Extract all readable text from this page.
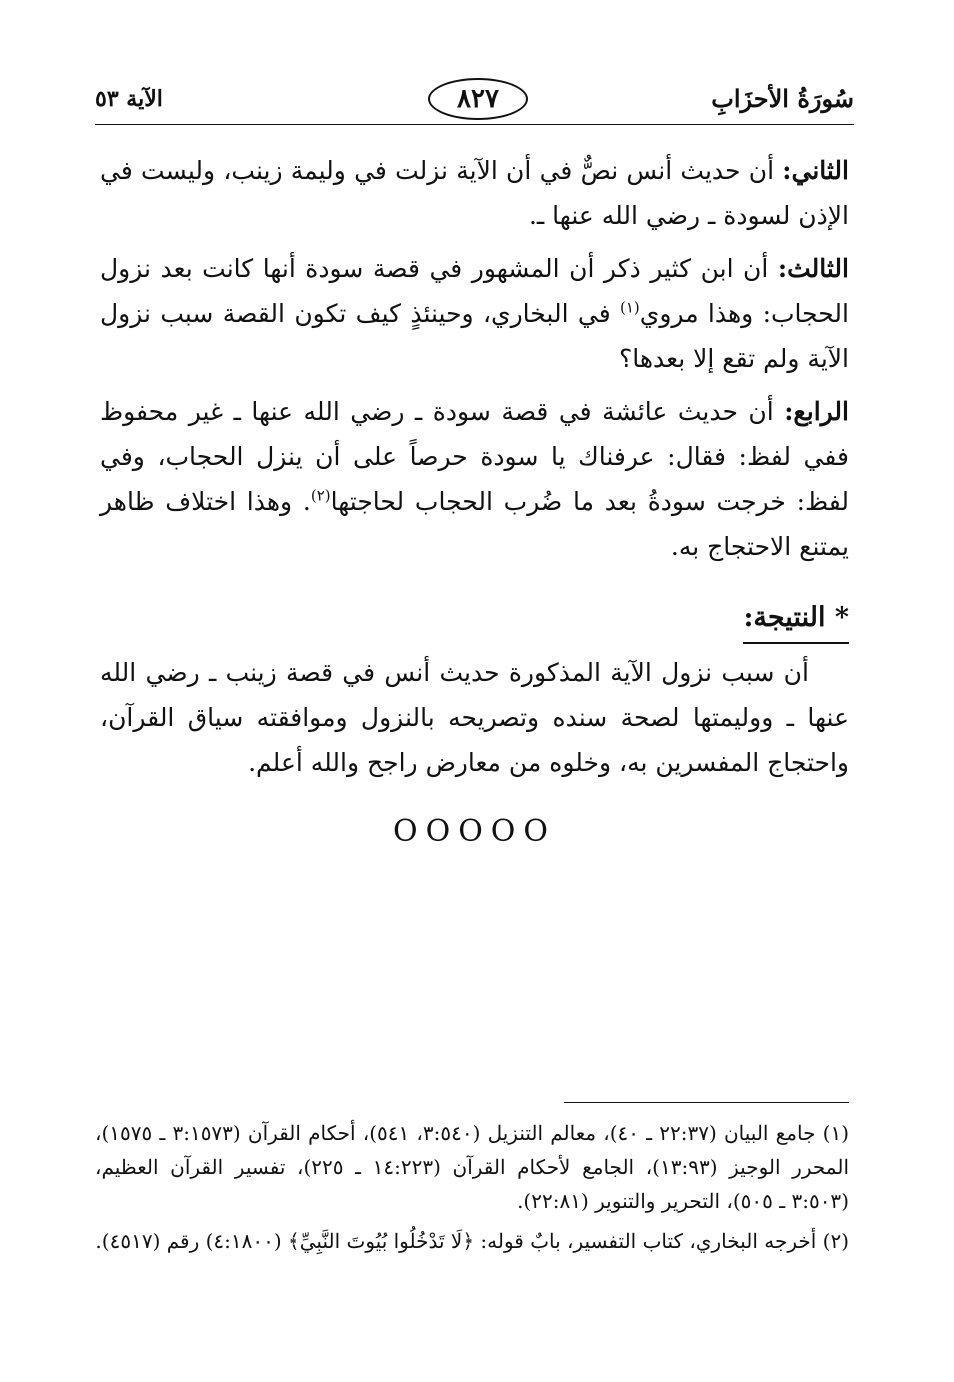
سُورَةُ الأحزَابِ
٨٢٧
الآية ٥٣

الثاني: أن حديث أنس نصٌّ في أن الآية نزلت في وليمة زينب، وليست في الإذن لسودة ـ رضي الله عنها ـ.

الثالث: أن ابن كثير ذكر أن المشهور في قصة سودة أنها كانت بعد نزول الحجاب: وهذا مروي$^{(١)}$ في البخاري، وحينئذٍ كيف تكون القصة سبب نزول الآية ولم تقع إلا بعدها؟

الرابع: أن حديث عائشة في قصة سودة ـ رضي الله عنها ـ غير محفوظ ففي لفظ: فقال: عرفناك يا سودة حرصاً على أن ينزل الحجاب، وفي لفظ: خرجت سودةُ بعد ما ضُرب الحجاب لحاجتها$^{(٢)}$. وهذا اختلاف ظاهر يمتنع الاحتجاج به.

* النتيجة:

أن سبب نزول الآية المذكورة حديث أنس في قصة زينب ـ رضي الله عنها ـ ووليمتها لصحة سنده وتصريحه بالنزول وموافقته سياق القرآن، واحتجاج المفسرين به، وخلوه من معارض راجح والله أعلم.

OOOOO

(١) جامع البيان (٢٢:٣٧ ـ ٤٠)، معالم التنزيل (٣:٥٤٠، ٥٤١)، أحكام القرآن (٣:١٥٧٣ ـ ١٥٧٥)، المحرر الوجيز (١٣:٩٣)، الجامع لأحكام القرآن (١٤:٢٢٣ ـ ٢٢٥)، تفسير القرآن العظيم، (٣:٥٠٣ ـ ٥٠٥)، التحرير والتنوير (٢٢:٨١).

(٢) أخرجه البخاري، كتاب التفسير، بابٌ قوله: ﴿لَا تَدْخُلُوا بُيُوتَ النَّبِيِّ﴾ (٤:١٨٠٠) رقم (٤٥١٧).
